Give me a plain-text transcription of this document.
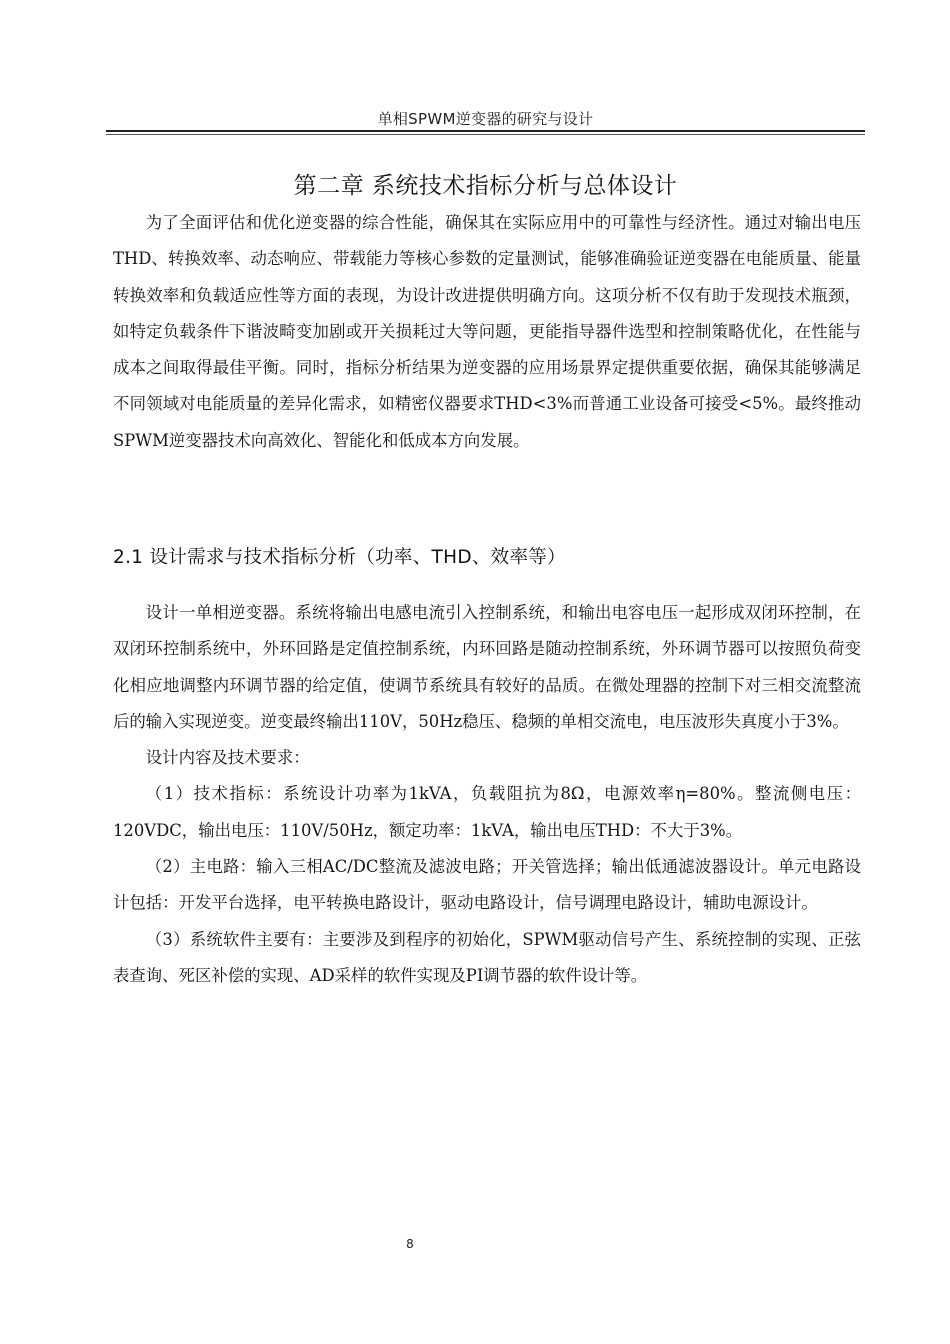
单相SPWM逆变器的研究与设计
第二章 系统技术指标分析与总体设计

为了全面评估和优化逆变器的综合性能，确保其在实际应用中的可靠性与经济性。通过对输出电压THD、转换效率、动态响应、带载能力等核心参数的定量测试，能够准确验证逆变器在电能质量、能量转换效率和负载适应性等方面的表现，为设计改进提供明确方向。这项分析不仅有助于发现技术瓶颈，如特定负载条件下谐波畸变加剧或开关损耗过大等问题，更能指导器件选型和控制策略优化，在性能与成本之间取得最佳平衡。同时，指标分析结果为逆变器的应用场景界定提供重要依据，确保其能够满足不同领域对电能质量的差异化需求，如精密仪器要求THD<3%而普通工业设备可接受<5%。最终推动SPWM逆变器技术向高效化、智能化和低成本方向发展。

2.1 设计需求与技术指标分析（功率、THD、效率等）

设计一单相逆变器。系统将输出电感电流引入控制系统，和输出电容电压一起形成双闭环控制，在双闭环控制系统中，外环回路是定值控制系统，内环回路是随动控制系统，外环调节器可以按照负荷变化相应地调整内环调节器的给定值，使调节系统具有较好的品质。在微处理器的控制下对三相交流整流后的输入实现逆变。逆变最终输出110V，50Hz稳压、稳频的单相交流电，电压波形失真度小于3%。

设计内容及技术要求：

（1）技术指标：系统设计功率为1kVA，负载阻抗为8Ω，电源效率η=80%。整流侧电压：120VDC，输出电压：110V/50Hz，额定功率：1kVA，输出电压THD：不大于3%。

（2）主电路：输入三相AC/DC整流及滤波电路；开关管选择；输出低通滤波器设计。单元电路设计包括：开发平台选择，电平转换电路设计，驱动电路设计，信号调理电路设计，辅助电源设计。

（3）系统软件主要有：主要涉及到程序的初始化，SPWM驱动信号产生、系统控制的实现、正弦表查询、死区补偿的实现、AD采样的软件实现及PI调节器的软件设计等。

8
